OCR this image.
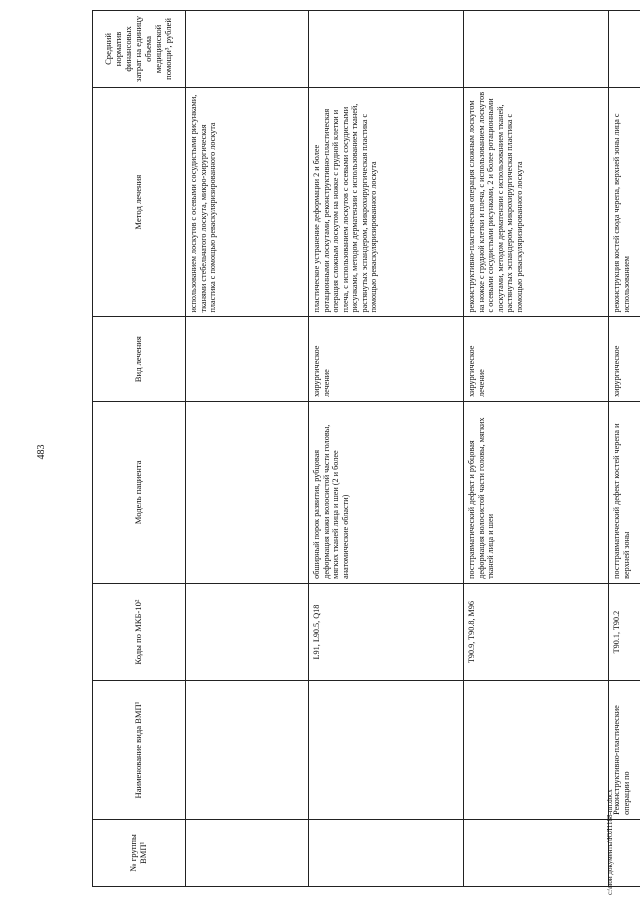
483
№ группы ВМП¹	Наименование вида ВМП¹	Коды по МКБ-10²	Модель пациента	Вид лечения	Метод лечения	Средний норматив финансовых затрат на единицу объема медицинской помощи³, рублей
					использованием лоскутов с осевыми сосудистыми рисунками, тканями стебельчатого лоскута, микро-хирургическая пластика с помощью реваскуляризированного лоскута	
		L91, L90.5, Q18	обширный порок развития, рубцовая деформация кожи волосистой части головы, мягких тканей лица и шеи (2 и более анатомические области)	хирургическое лечение	пластическое устранение деформации 2 и более ротационными лоскутами, реконструктивно-пластическая операция сложным лоскутом на ножке с грудной клетки и плеча, с использованием лоскутов с осевыми сосудистыми рисунками, методом дерматензии с использованием тканей, растянутых эспандером, микрохирургическая пластика с помощью реваскуляризированного лоскута	
		T90.9, T90.8, M96	посттравматический дефект и рубцовая деформация волосистой части головы, мягких тканей лица и шеи	хирургическое лечение	реконструктивно-пластическая операция сложным лоскутом на ножке с грудной клетки и плеча, с использованием лоскутов с осевыми сосудистыми рисунками, 2 и более ротационными лоскутами, методом дерматензии с использованием тканей, растянутых эспандером, микрохирургическая пластика с помощью реваскуляризированного лоскута	
	Реконструктивно-пластические операции по	T90.1, T90.2	посттравматический дефект костей черепа и верхней зоны	хирургическое	реконструкция костей свода черепа, верхней зоны лица с использованием	
c:\мои документы\ЮЛ1188-пп.docx
